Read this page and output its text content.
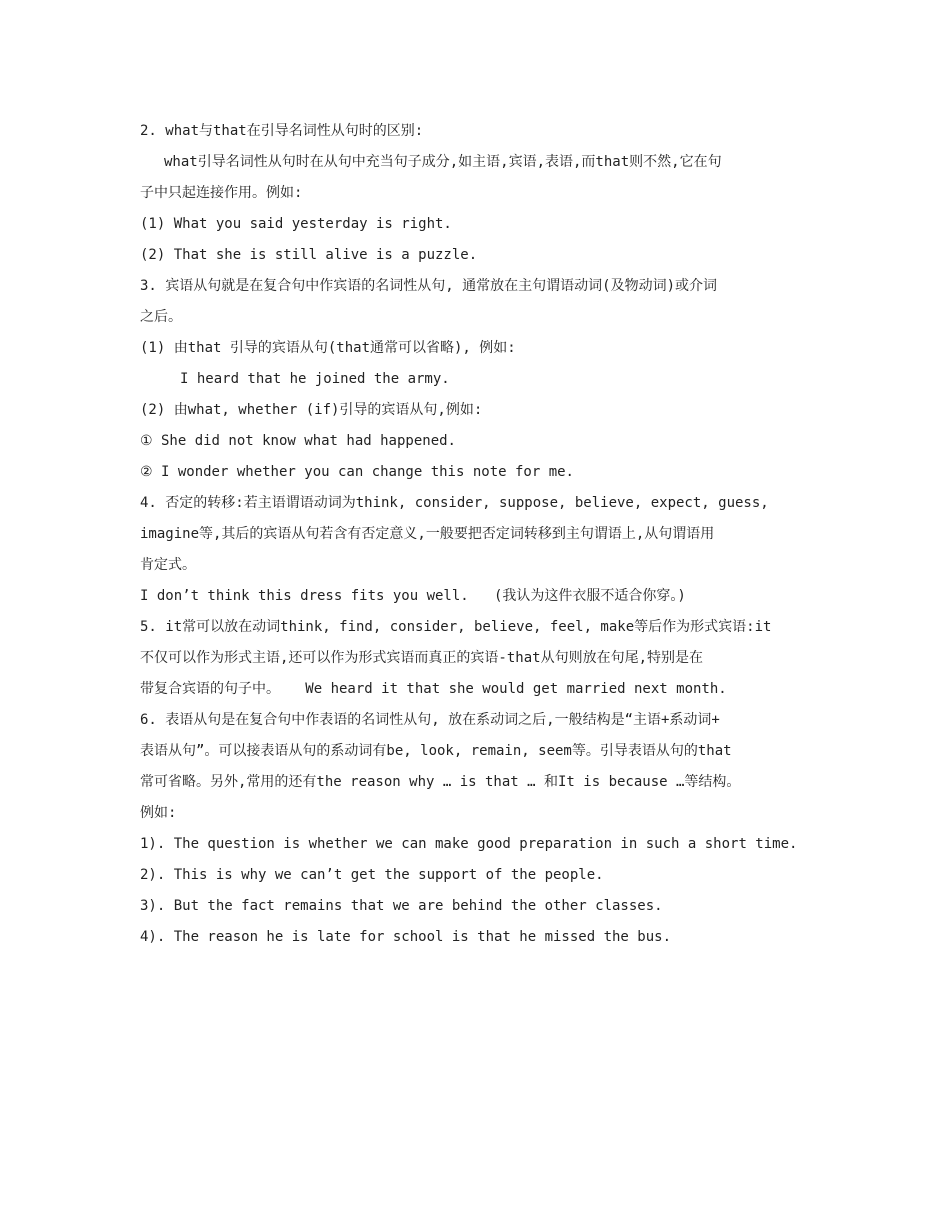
2. what与that在引导名词性从句时的区别:
what引导名词性从句时在从句中充当句子成分,如主语,宾语,表语,而that则不然,它在句
子中只起连接作用。例如:
(1) What you said yesterday is right.
(2) That she is still alive is a puzzle.
3. 宾语从句就是在复合句中作宾语的名词性从句, 通常放在主句谓语动词(及物动词)或介词
之后。
(1) 由that 引导的宾语从句(that通常可以省略), 例如:
I heard that he joined the army.
(2) 由what, whether (if)引导的宾语从句,例如:
① She did not know what had happened.
② I wonder whether you can change this note for me.
4. 否定的转移:若主语谓语动词为think, consider, suppose, believe, expect, guess,
imagine等,其后的宾语从句若含有否定意义,一般要把否定词转移到主句谓语上,从句谓语用
肯定式。
I don’t think this dress fits you well.   (我认为这件衣服不适合你穿。)
5. it常可以放在动词think, find, consider, believe, feel, make等后作为形式宾语:it
不仅可以作为形式主语,还可以作为形式宾语而真正的宾语-that从句则放在句尾,特别是在
带复合宾语的句子中。   We heard it that she would get married next month.
6. 表语从句是在复合句中作表语的名词性从句, 放在系动词之后,一般结构是“主语+系动词+
表语从句”。可以接表语从句的系动词有be, look, remain, seem等。引导表语从句的that
常可省略。另外,常用的还有the reason why … is that … 和It is because …等结构。
例如:
1). The question is whether we can make good preparation in such a short time.
2). This is why we can’t get the support of the people.
3). But the fact remains that we are behind the other classes.
4). The reason he is late for school is that he missed the bus.
